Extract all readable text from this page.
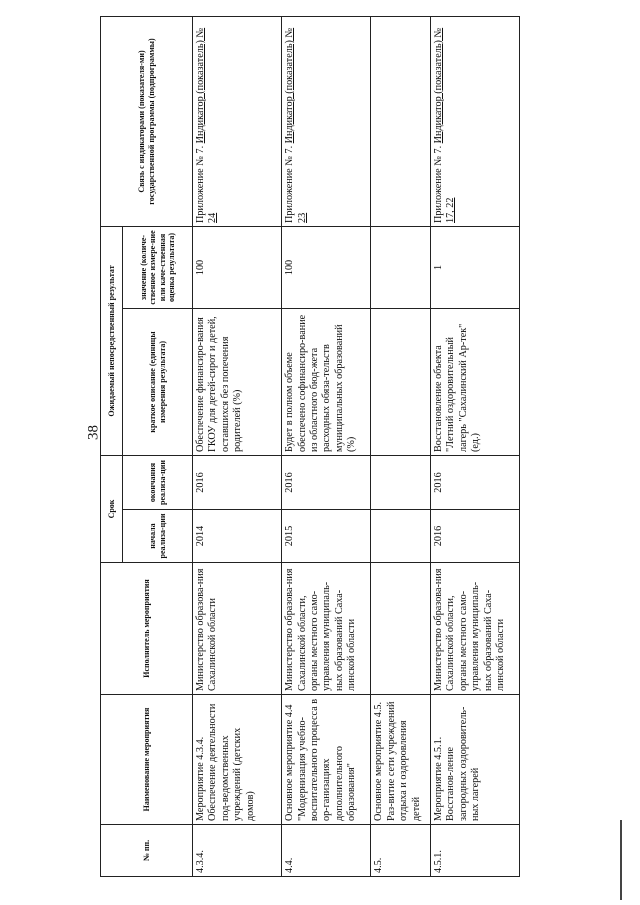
38
№ пп.	Наименование мероприятия	Исполнитель мероприятия	Срок		Ожидаемый непосредственный результат		Связь с индикаторами (показателя-ми) государственной программы (подпрограммы)
			начала реализа-ции	окончания реализа-ции	краткое описание (единицы измерения результата)	значение (количе-ственное измере-ние или каче-ственная оценка результата)	
4.3.4.	Мероприятие 4.3.4. Обеспечение деятельности под-ведомственных учреждений (детских домов)	Министерство образова-ния Сахалинской области	2014	2016	Обеспечение финансиро-вания ГКОУ для детей-сирот и детей, оставшихся без попечения родителей (%)	100	Приложение № 7. Индикатор (показатель) № 24
4.4.	Основное мероприятие 4.4 "Модернизация учебно-воспитательного процесса в ор-ганизациях дополнительного образования"	Министерство образова-ния Сахалинской области, органы местного само-управления муниципаль-ных образований Саха-линской области	2015	2016	Будет в полном объеме обеспечено софинансиро-вание из областного бюд-жета расходных обяза-тельств муниципальных образований (%)	100	Приложение № 7. Индикатор (показатель) № 23
4.5.	Основное мероприятие 4.5. Раз-витие сети учреждений отдыха и оздоровления детей						
4.5.1.	Мероприятие 4.5.1. Восстанов-ление загородных оздоровитель-ных лагерей	Министерство образова-ния Сахалинской области, органы местного само-управления муниципаль-ных образований Саха-линской области	2016	2016	Восстановление объекта "Летний оздоровительный лагерь "Сахалинский Ар-тек" (ед.)	1	Приложение № 7. Индикатор (показатель) № 17, 22
